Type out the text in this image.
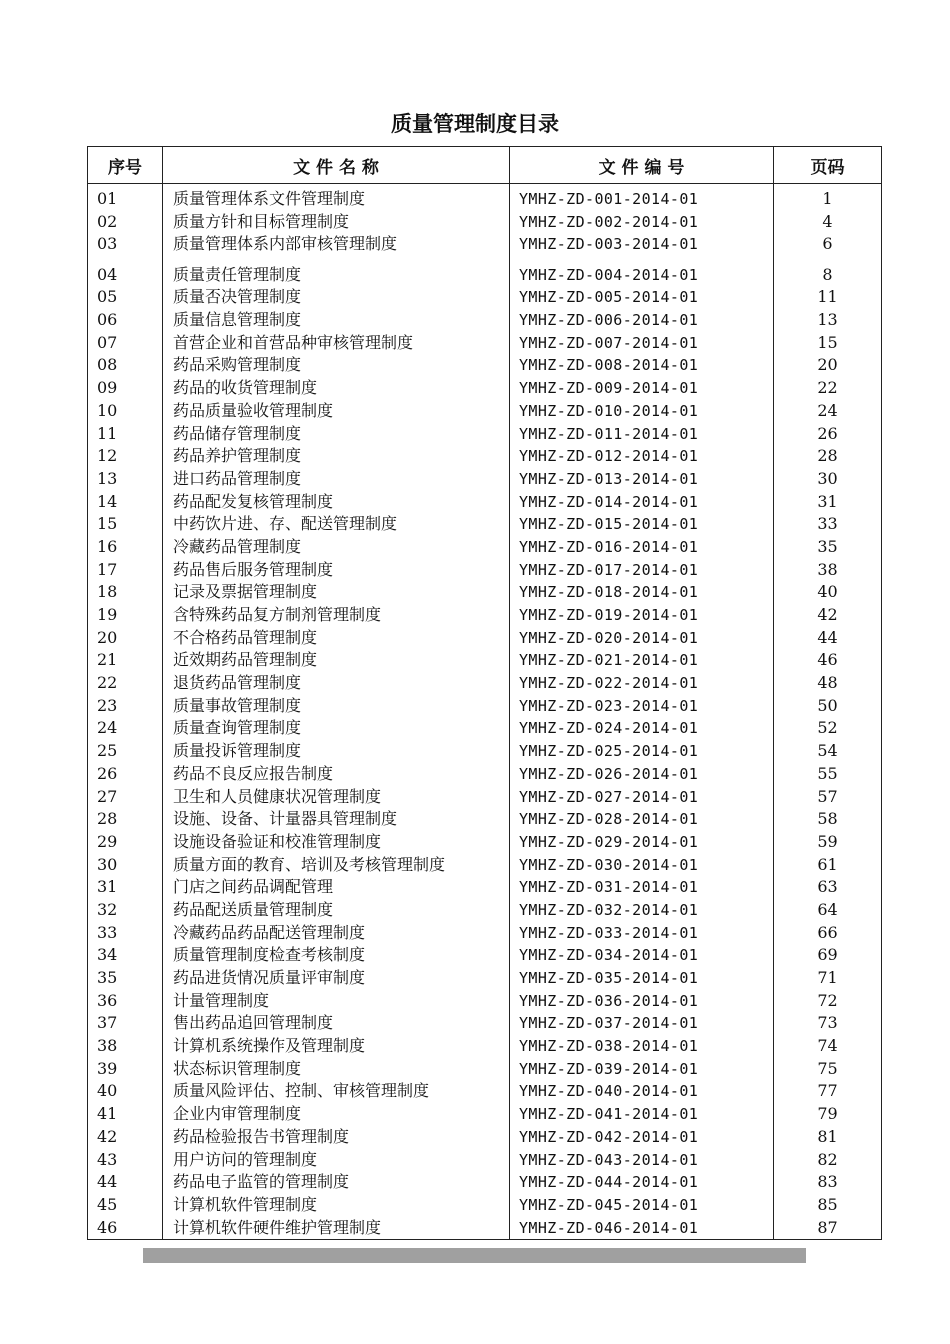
质量管理制度目录
序号	文 件 名 称	文 件 编 号	页码

01	质量管理体系文件管理制度	YMHZ-ZD-001-2014-01	1
02	质量方针和目标管理制度	YMHZ-ZD-002-2014-01	4
03	质量管理体系内部审核管理制度	YMHZ-ZD-003-2014-01	6
04	质量责任管理制度	YMHZ-ZD-004-2014-01	8
05	质量否决管理制度	YMHZ-ZD-005-2014-01	11
06	质量信息管理制度	YMHZ-ZD-006-2014-01	13
07	首营企业和首营品种审核管理制度	YMHZ-ZD-007-2014-01	15
08	药品采购管理制度	YMHZ-ZD-008-2014-01	20
09	药品的收货管理制度	YMHZ-ZD-009-2014-01	22
10	药品质量验收管理制度	YMHZ-ZD-010-2014-01	24
11	药品储存管理制度	YMHZ-ZD-011-2014-01	26
12	药品养护管理制度	YMHZ-ZD-012-2014-01	28
13	进口药品管理制度	YMHZ-ZD-013-2014-01	30
14	药品配发复核管理制度	YMHZ-ZD-014-2014-01	31
15	中药饮片进、存、配送管理制度	YMHZ-ZD-015-2014-01	33
16	冷藏药品管理制度	YMHZ-ZD-016-2014-01	35
17	药品售后服务管理制度	YMHZ-ZD-017-2014-01	38
18	记录及票据管理制度	YMHZ-ZD-018-2014-01	40
19	含特殊药品复方制剂管理制度	YMHZ-ZD-019-2014-01	42
20	不合格药品管理制度	YMHZ-ZD-020-2014-01	44
21	近效期药品管理制度	YMHZ-ZD-021-2014-01	46
22	退货药品管理制度	YMHZ-ZD-022-2014-01	48
23	质量事故管理制度	YMHZ-ZD-023-2014-01	50
24	质量查询管理制度	YMHZ-ZD-024-2014-01	52
25	质量投诉管理制度	YMHZ-ZD-025-2014-01	54
26	药品不良反应报告制度	YMHZ-ZD-026-2014-01	55
27	卫生和人员健康状况管理制度	YMHZ-ZD-027-2014-01	57
28	设施、设备、计量器具管理制度	YMHZ-ZD-028-2014-01	58
29	设施设备验证和校准管理制度	YMHZ-ZD-029-2014-01	59
30	质量方面的教育、培训及考核管理制度	YMHZ-ZD-030-2014-01	61
31	门店之间药品调配管理	YMHZ-ZD-031-2014-01	63
32	药品配送质量管理制度	YMHZ-ZD-032-2014-01	64
33	冷藏药品药品配送管理制度	YMHZ-ZD-033-2014-01	66
34	质量管理制度检查考核制度	YMHZ-ZD-034-2014-01	69
35	药品进货情况质量评审制度	YMHZ-ZD-035-2014-01	71
36	计量管理制度	YMHZ-ZD-036-2014-01	72
37	售出药品追回管理制度	YMHZ-ZD-037-2014-01	73
38	计算机系统操作及管理制度	YMHZ-ZD-038-2014-01	74
39	状态标识管理制度	YMHZ-ZD-039-2014-01	75
40	质量风险评估、控制、审核管理制度	YMHZ-ZD-040-2014-01	77
41	企业内审管理制度	YMHZ-ZD-041-2014-01	79
42	药品检验报告书管理制度	YMHZ-ZD-042-2014-01	81
43	用户访问的管理制度	YMHZ-ZD-043-2014-01	82
44	药品电子监管的管理制度	YMHZ-ZD-044-2014-01	83
45	计算机软件管理制度	YMHZ-ZD-045-2014-01	85
46	计算机软件硬件维护管理制度	YMHZ-ZD-046-2014-01	87
